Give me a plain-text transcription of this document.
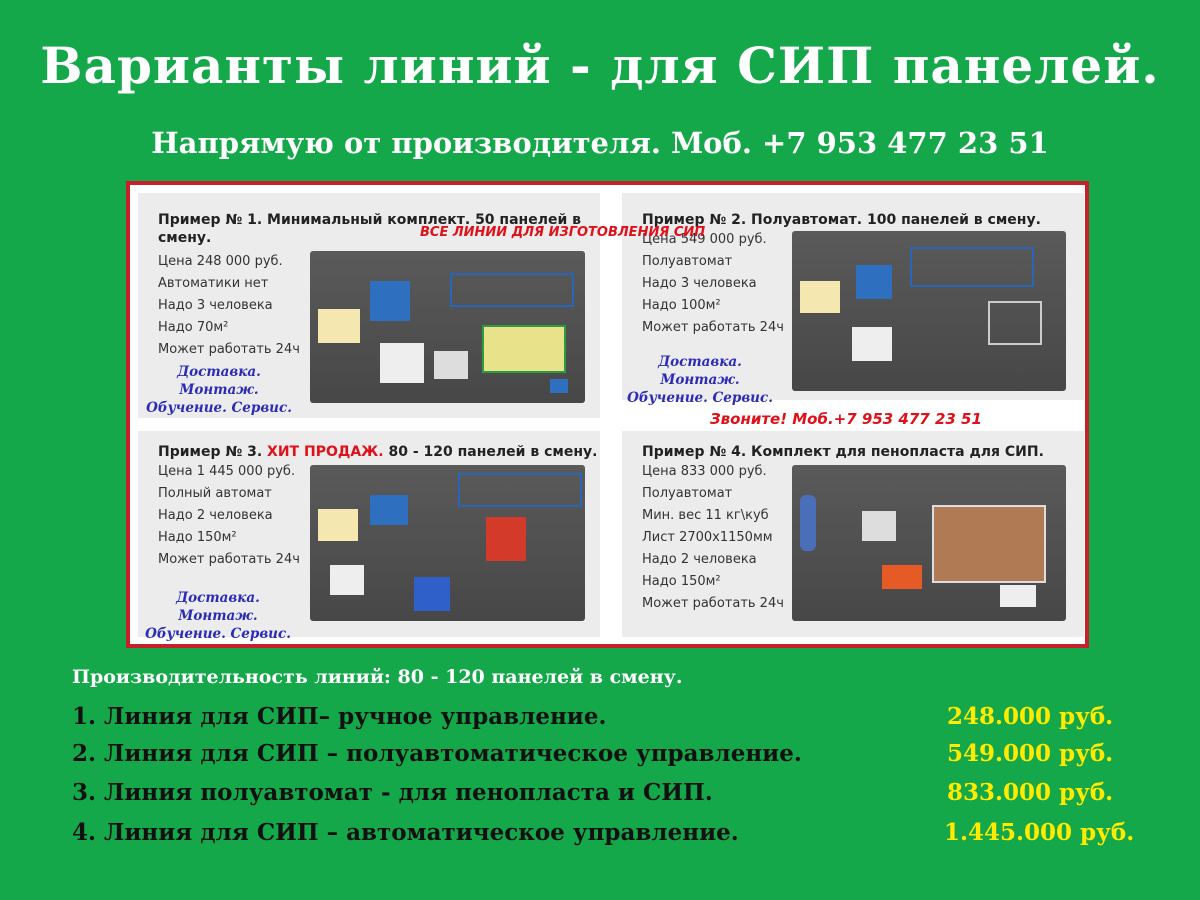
Варианты линий - для СИП панелей.
Напрямую от производителя. Моб. +7 953 477 23 51
Пример № 1. Минимальный комплект. 50 панелей в
смену.
Цена 248 000 руб.
Автоматики нет
Надо 3 человека
Надо 70м²
Может работать 24ч
Доставка. Монтаж.
Обучение. Сервис.
Пример № 2. Полуавтомат. 100 панелей в смену.
Цена 549 000 руб.
Полуавтомат
Надо 3 человека
Надо 100м²
Может работать 24ч
Доставка. Монтаж.
Обучение. Сервис.
ВСЕ ЛИНИИ ДЛЯ ИЗГОТОВЛЕНИЯ СИП
Звоните! Моб.+7 953 477 23 51
Пример № 3. ХИТ ПРОДАЖ. 80 - 120 панелей в смену.
Цена 1 445 000 руб.
Полный автомат
Надо 2 человека
Надо 150м²
Может работать 24ч
Доставка. Монтаж.
Обучение. Сервис.
Пример № 4. Комплект для пенопласта для СИП.
Цена 833 000 руб.
Полуавтомат
Мин. вес 11 кг\куб
Лист 2700х1150мм
Надо 2 человека
Надо 150м²
Может работать 24ч
Производительность линий: 80 - 120 панелей в смену.
1. Линия для СИП– ручное управление.	248.000 руб.
2. Линия для СИП – полуавтоматическое управление.	549.000 руб.
3. Линия полуавтомат - для пенопласта и СИП.	833.000 руб.
4. Линия для СИП – автоматическое управление.	1.445.000 руб.
